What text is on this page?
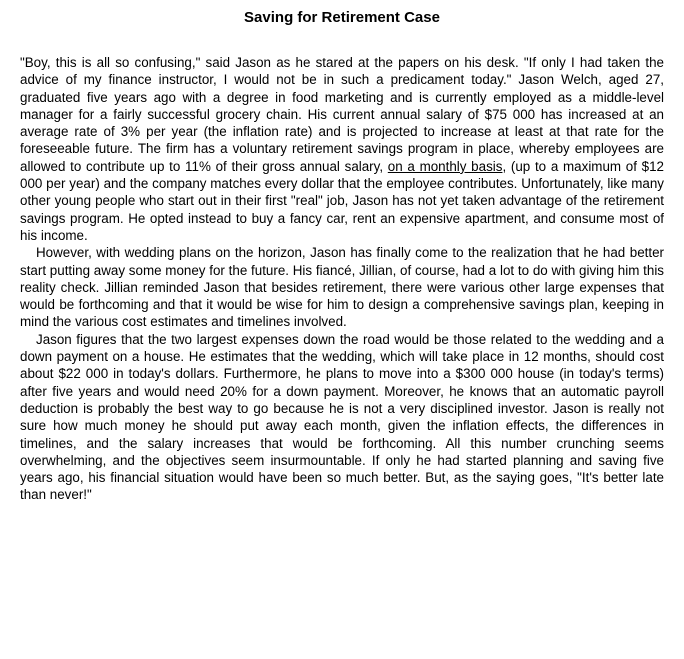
Saving for Retirement Case

"Boy, this is all so confusing," said Jason as he stared at the papers on his desk. "If only I had taken the advice of my finance instructor, I would not be in such a predicament today." Jason Welch, aged 27, graduated five years ago with a degree in food marketing and is currently employed as a middle-level manager for a fairly successful grocery chain. His current annual salary of $75 000 has increased at an average rate of 3% per year (the inflation rate) and is projected to increase at least at that rate for the foreseeable future. The firm has a voluntary retirement savings program in place, whereby employees are allowed to contribute up to 11% of their gross annual salary, on a monthly basis, (up to a maximum of $12 000 per year) and the company matches every dollar that the employee contributes. Unfortunately, like many other young people who start out in their first "real" job, Jason has not yet taken advantage of the retirement savings program. He opted instead to buy a fancy car, rent an expensive apartment, and consume most of his income.

However, with wedding plans on the horizon, Jason has finally come to the realization that he had better start putting away some money for the future. His fiancé, Jillian, of course, had a lot to do with giving him this reality check. Jillian reminded Jason that besides retirement, there were various other large expenses that would be forthcoming and that it would be wise for him to design a comprehensive savings plan, keeping in mind the various cost estimates and timelines involved.

Jason figures that the two largest expenses down the road would be those related to the wedding and a down payment on a house. He estimates that the wedding, which will take place in 12 months, should cost about $22 000 in today's dollars. Furthermore, he plans to move into a $300 000 house (in today's terms) after five years and would need 20% for a down payment. Moreover, he knows that an automatic payroll deduction is probably the best way to go because he is not a very disciplined investor. Jason is really not sure how much money he should put away each month, given the inflation effects, the differences in timelines, and the salary increases that would be forthcoming. All this number crunching seems overwhelming, and the objectives seem insurmountable. If only he had started planning and saving five years ago, his financial situation would have been so much better. But, as the saying goes, "It's better late than never!"
